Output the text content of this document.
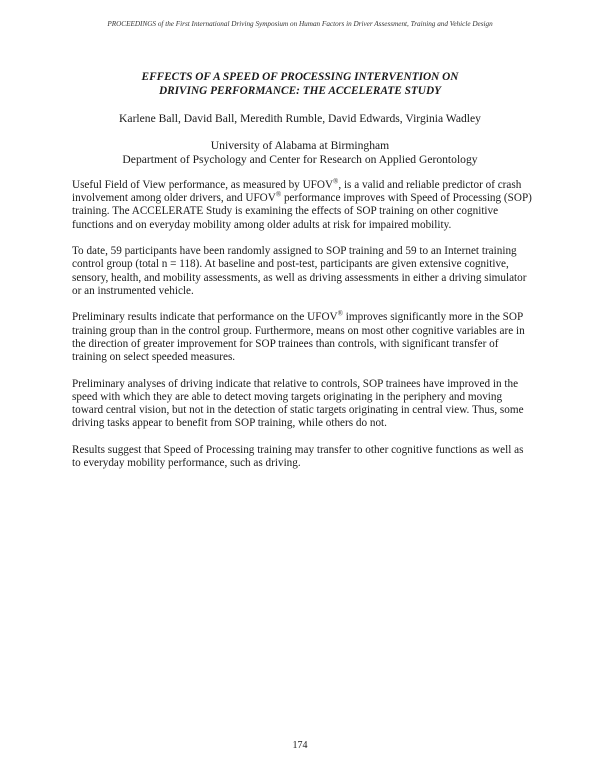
PROCEEDINGS of the First International Driving Symposium on Human Factors in Driver Assessment, Training and Vehicle Design
EFFECTS OF A SPEED OF PROCESSING INTERVENTION ON
DRIVING PERFORMANCE: THE ACCELERATE STUDY
Karlene Ball, David Ball, Meredith Rumble, David Edwards, Virginia Wadley
University of Alabama at Birmingham
Department of Psychology and Center for Research on Applied Gerontology

Useful Field of View performance, as measured by UFOV®, is a valid and reliable predictor of crash involvement among older drivers, and UFOV® performance improves with Speed of Processing (SOP) training. The ACCELERATE Study is examining the effects of SOP training on other cognitive functions and on everyday mobility among older adults at risk for impaired mobility.

To date, 59 participants have been randomly assigned to SOP training and 59 to an Internet training control group (total n = 118). At baseline and post-test, participants are given extensive cognitive, sensory, health, and mobility assessments, as well as driving assessments in either a driving simulator or an instrumented vehicle.

Preliminary results indicate that performance on the UFOV® improves significantly more in the SOP training group than in the control group. Furthermore, means on most other cognitive variables are in the direction of greater improvement for SOP trainees than controls, with significant transfer of training on select speeded measures.

Preliminary analyses of driving indicate that relative to controls, SOP trainees have improved in the speed with which they are able to detect moving targets originating in the periphery and moving toward central vision, but not in the detection of static targets originating in central view. Thus, some driving tasks appear to benefit from SOP training, while others do not.

Results suggest that Speed of Processing training may transfer to other cognitive functions as well as to everyday mobility performance, such as driving.

174
